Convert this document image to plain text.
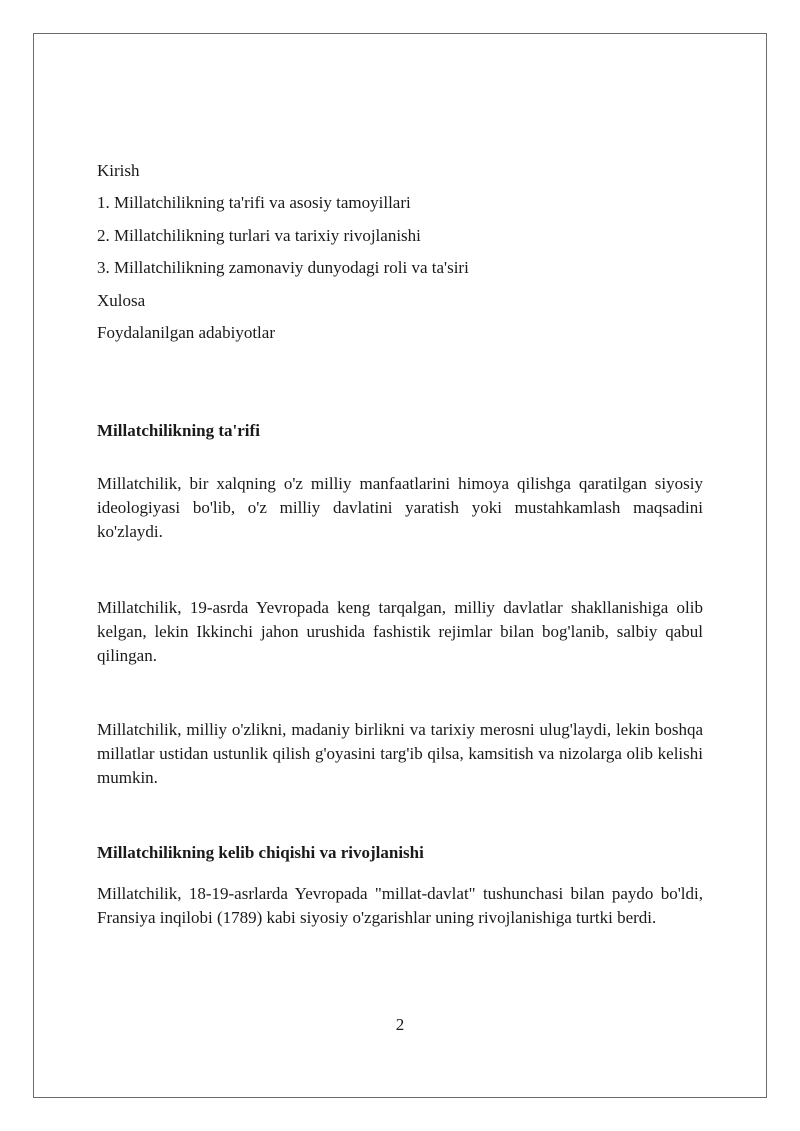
Kirish
1. Millatchilikning ta'rifi va asosiy tamoyillari
2. Millatchilikning turlari va tarixiy rivojlanishi
3. Millatchilikning zamonaviy dunyodagi roli va ta'siri
Xulosa
Foydalanilgan adabiyotlar
Millatchilikning ta'rifi
Millatchilik, bir xalqning o'z milliy manfaatlarini himoya qilishga qaratilgan siyosiy ideologiyasi bo'lib, o'z milliy davlatini yaratish yoki mustahkamlash maqsadini ko'zlaydi.
Millatchilik, 19-asrda Yevropada keng tarqalgan, milliy davlatlar shakllanishiga olib kelgan, lekin Ikkinchi jahon urushida fashistik rejimlar bilan bog'lanib, salbiy qabul qilingan.
Millatchilik, milliy o'zlikni, madaniy birlikni va tarixiy merosni ulug'laydi, lekin boshqa millatlar ustidan ustunlik qilish g'oyasini targ'ib qilsa, kamsitish va nizolarga olib kelishi mumkin.
Millatchilikning kelib chiqishi va rivojlanishi
Millatchilik, 18-19-asrlarda Yevropada "millat-davlat" tushunchasi bilan paydo bo'ldi, Fransiya inqilobi (1789) kabi siyosiy o'zgarishlar uning rivojlanishiga turtki berdi.
2
